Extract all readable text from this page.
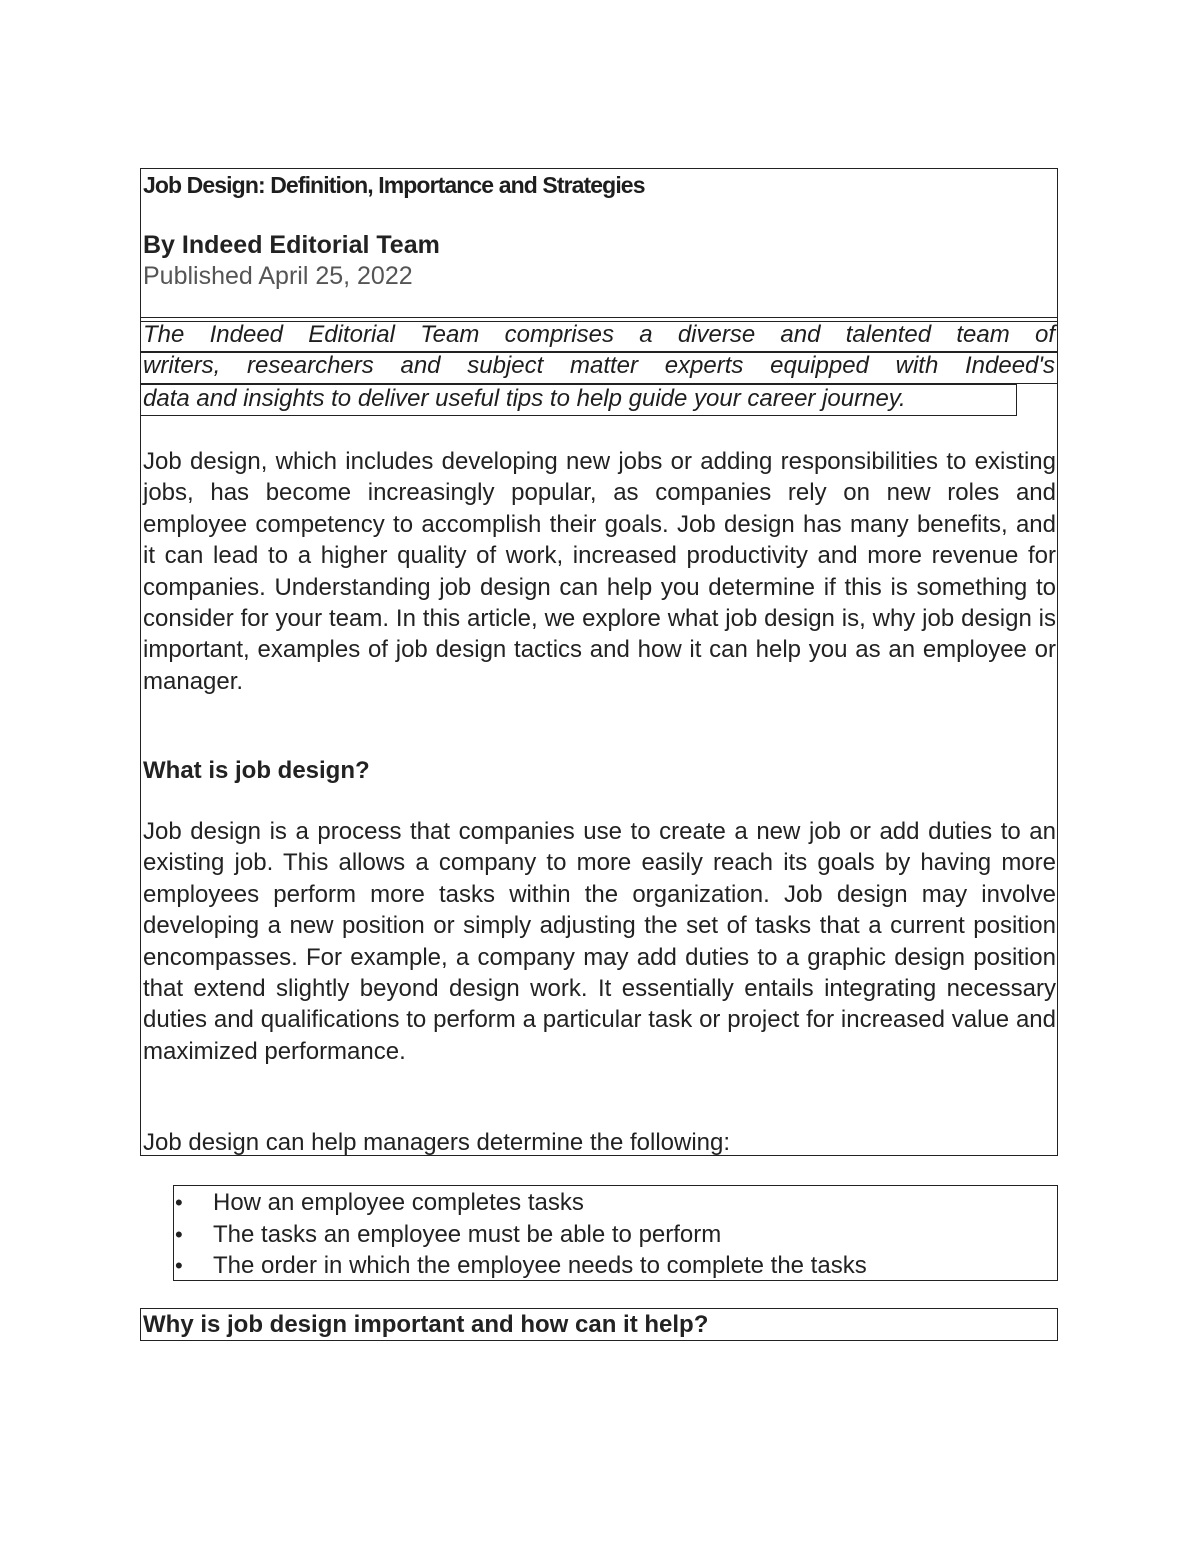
Job Design: Definition, Importance and Strategies
By Indeed Editorial Team
Published April 25, 2022
The Indeed Editorial Team comprises a diverse and talented team of
writers, researchers and subject matter experts equipped with Indeed's
data and insights to deliver useful tips to help guide your career journey.
Job design, which includes developing new jobs or adding responsibilities to existing jobs, has become increasingly popular, as companies rely on new roles and employee competency to accomplish their goals. Job design has many benefits, and it can lead to a higher quality of work, increased productivity and more revenue for companies. Understanding job design can help you determine if this is something to consider for your team. In this article, we explore what job design is, why job design is important, examples of job design tactics and how it can help you as an employee or manager.
What is job design?
Job design is a process that companies use to create a new job or add duties to an existing job. This allows a company to more easily reach its goals by having more employees perform more tasks within the organization. Job design may involve developing a new position or simply adjusting the set of tasks that a current position encompasses. For example, a company may add duties to a graphic design position that extend slightly beyond design work. It essentially entails integrating necessary duties and qualifications to perform a particular task or project for increased value and maximized performance.
Job design can help managers determine the following:
• How an employee completes tasks
• The tasks an employee must be able to perform
• The order in which the employee needs to complete the tasks
Why is job design important and how can it help?
